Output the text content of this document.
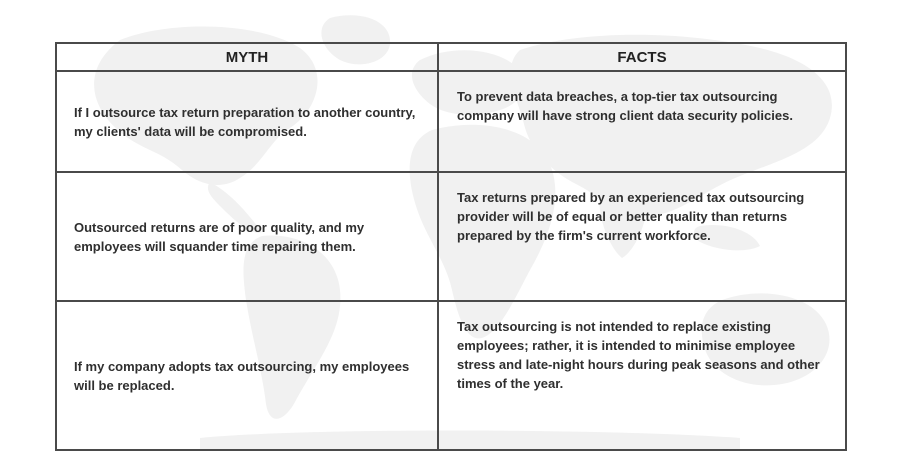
MYTH	FACTS
If I outsource tax return preparation to another country, my clients' data will be compromised.	To prevent data breaches, a top-tier tax outsourcing company will have strong client data security policies.
Outsourced returns are of poor quality, and my employees will squander time repairing them.	Tax returns prepared by an experienced tax outsourcing provider will be of equal or better quality than returns prepared by the firm's current workforce.
If my company adopts tax outsourcing, my employees will be replaced.	Tax outsourcing is not intended to replace existing employees; rather, it is intended to minimise employee stress and late-night hours during peak seasons and other times of the year.
